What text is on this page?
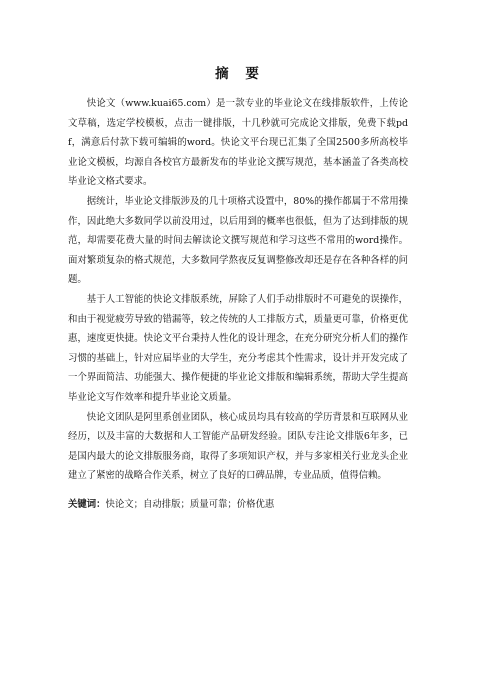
摘 要

快论文（www.kuai65.com）是一款专业的毕业论文在线排版软件，上传论文草稿，选定学校模板，点击一键排版，十几秒就可完成论文排版，免费下载pdf，满意后付款下载可编辑的word。快论文平台现已汇集了全国2500多所高校毕业论文模板，均源自各校官方最新发布的毕业论文撰写规范，基本涵盖了各类高校毕业论文格式要求。

据统计，毕业论文排版涉及的几十项格式设置中，80%的操作都属于不常用操作，因此绝大多数同学以前没用过，以后用到的概率也很低，但为了达到排版的规范，却需要花费大量的时间去解读论文撰写规范和学习这些不常用的word操作。面对繁琐复杂的格式规范，大多数同学熬夜反复调整修改却还是存在各种各样的问题。

基于人工智能的快论文排版系统，屏除了人们手动排版时不可避免的误操作，和由于视觉疲劳导致的错漏等，较之传统的人工排版方式，质量更可靠，价格更优惠，速度更快捷。快论文平台秉持人性化的设计理念，在充分研究分析人们的操作习惯的基础上，针对应届毕业的大学生，充分考虑其个性需求，设计并开发完成了一个界面简洁、功能强大、操作便捷的毕业论文排版和编辑系统，帮助大学生提高毕业论文写作效率和提升毕业论文质量。

快论文团队是阿里系创业团队，核心成员均具有较高的学历背景和互联网从业经历，以及丰富的大数据和人工智能产品研发经验。团队专注论文排版6年多，已是国内最大的论文排版服务商，取得了多项知识产权，并与多家相关行业龙头企业建立了紧密的战略合作关系，树立了良好的口碑品牌，专业品质，值得信赖。

关键词：快论文；自动排版；质量可靠；价格优惠
